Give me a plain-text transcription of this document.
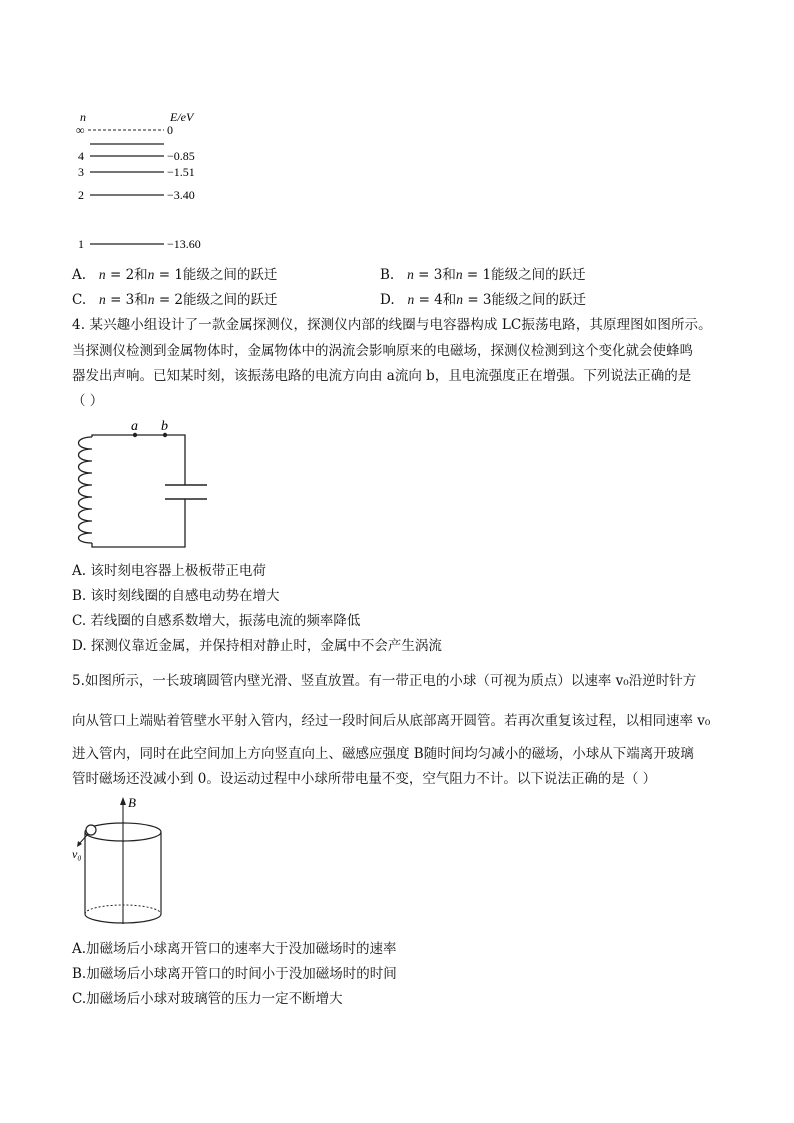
n	E/eV
∞	0
4	−0.85
3	−1.51
2	−3.40
1	−13.60
A. n = 2和n = 1能级之间的跃迁	B. n = 3和n = 1能级之间的跃迁
C. n = 3和n = 2能级之间的跃迁	D. n = 4和n = 3能级之间的跃迁
4. 某兴趣小组设计了一款金属探测仪，探测仪内部的线圈与电容器构成 LC振荡电路，其原理图如图所示。
当探测仪检测到金属物体时，金属物体中的涡流会影响原来的电磁场，探测仪检测到这个变化就会使蜂鸣
器发出声响。已知某时刻，该振荡电路的电流方向由 a流向 b，且电流强度正在增强。下列说法正确的是
（ ）
a b
A. 该时刻电容器上极板带正电荷
B. 该时刻线圈的自感电动势在增大
C. 若线圈的自感系数增大，振荡电流的频率降低
D. 探测仪靠近金属，并保持相对静止时，金属中不会产生涡流
5.如图所示，一长玻璃圆管内壁光滑、竖直放置。有一带正电的小球（可视为质点）以速率 v₀沿逆时针方
向从管口上端贴着管壁水平射入管内，经过一段时间后从底部离开圆管。若再次重复该过程，以相同速率 v₀
进入管内，同时在此空间加上方向竖直向上、磁感应强度 B随时间均匀减小的磁场，小球从下端离开玻璃
管时磁场还没减小到 0。设运动过程中小球所带电量不变，空气阻力不计。以下说法正确的是（ ）
B
v₀
A.加磁场后小球离开管口的速率大于没加磁场时的速率
B.加磁场后小球离开管口的时间小于没加磁场时的时间
C.加磁场后小球对玻璃管的压力一定不断增大
